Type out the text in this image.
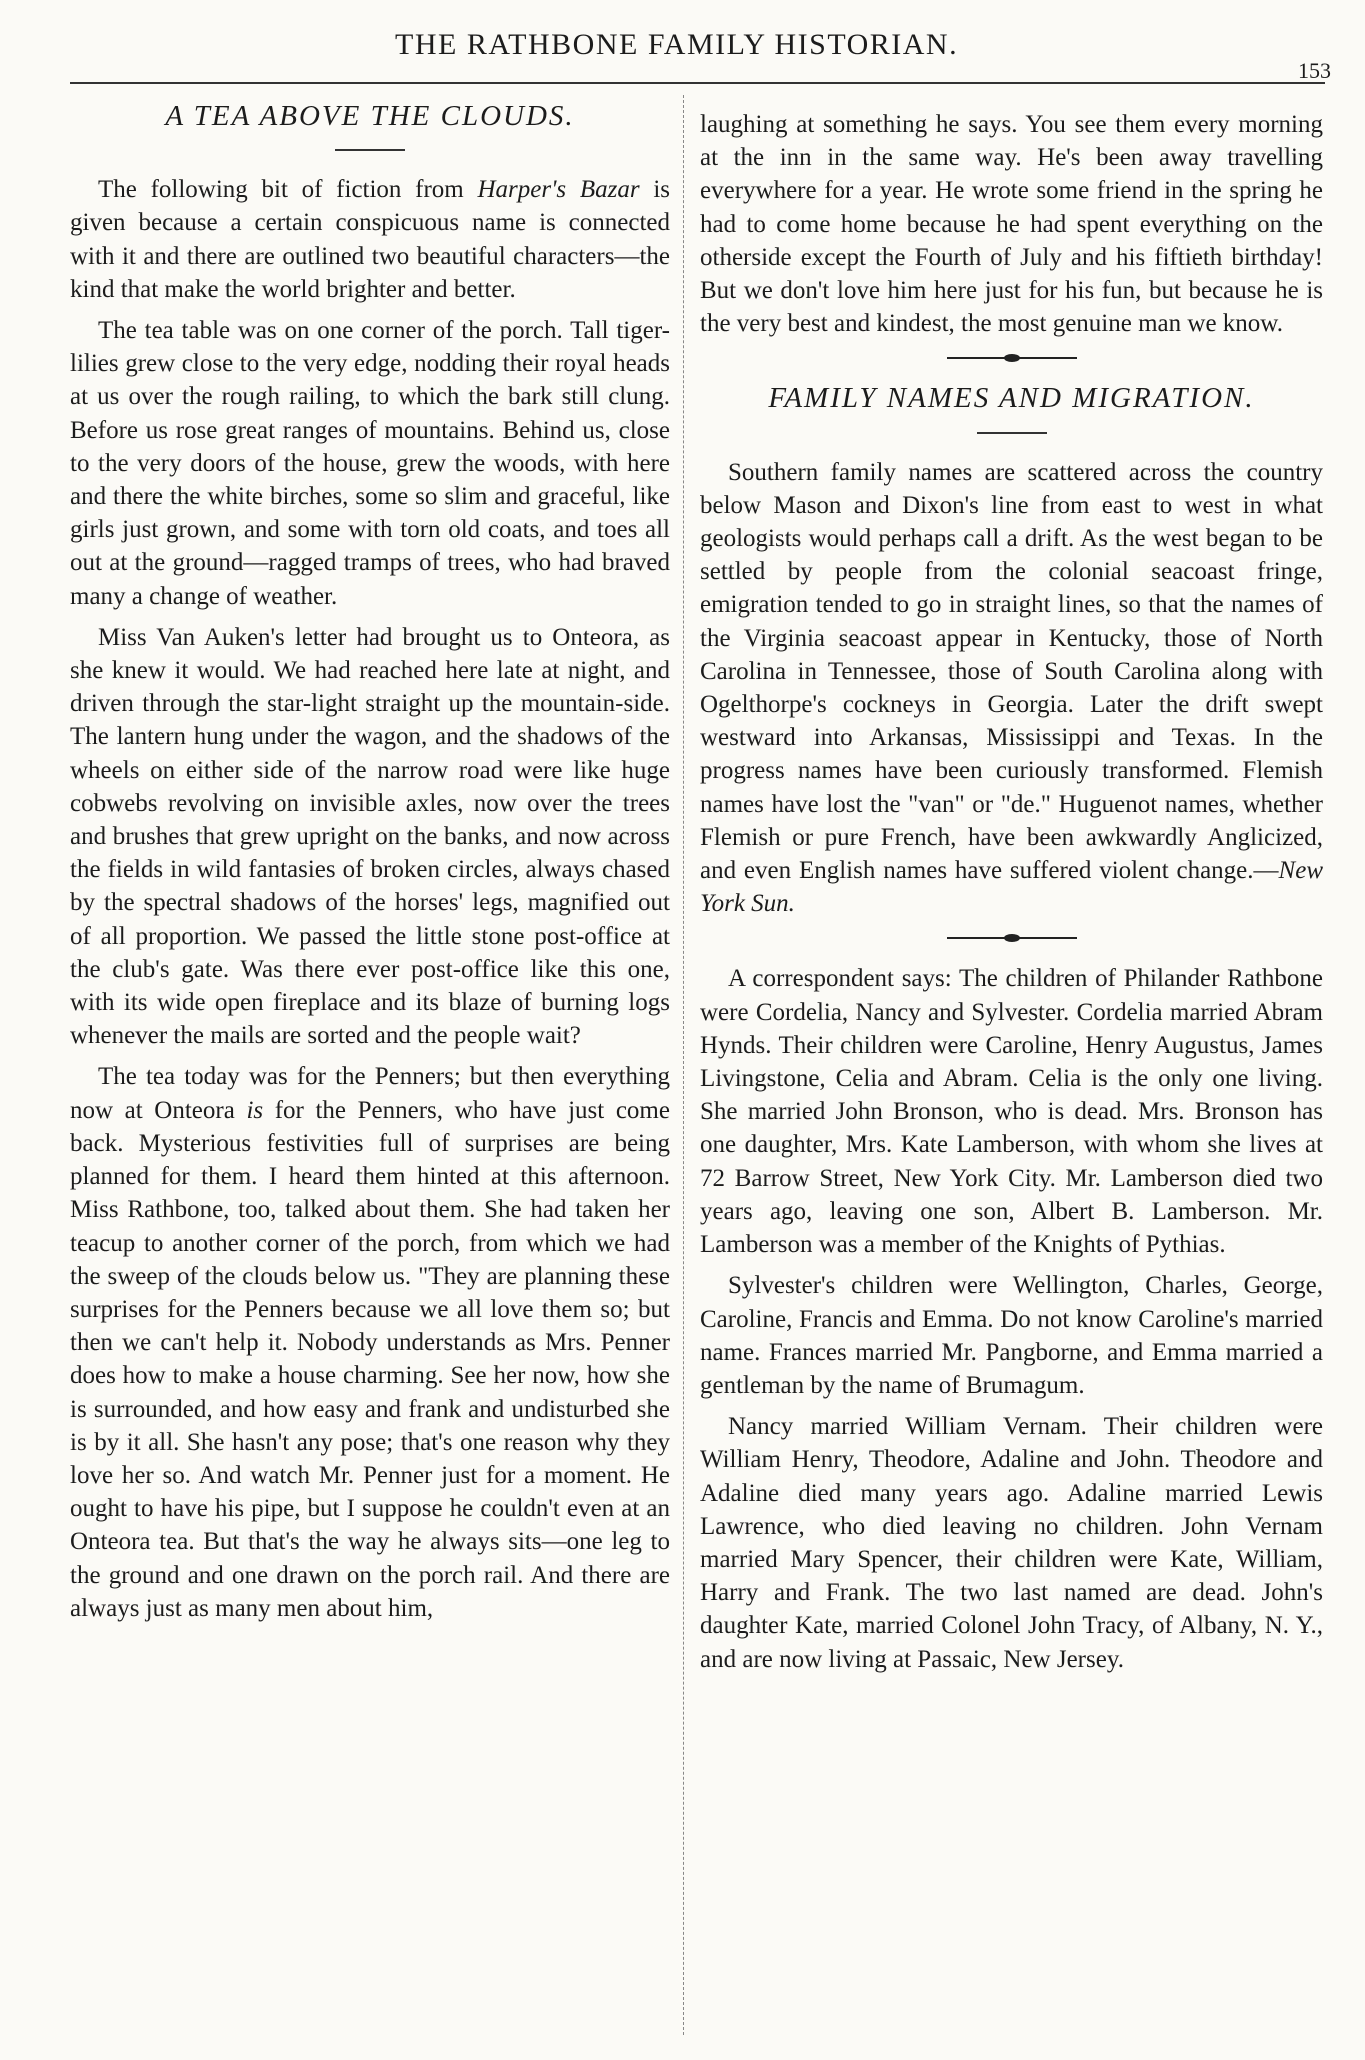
THE RATHBONE FAMILY HISTORIAN.
153
A TEA ABOVE THE CLOUDS.

The following bit of fiction from Harper's Bazar is given because a certain conspicuous name is connected with it and there are outlined two beautiful characters—the kind that make the world brighter and better.

The tea table was on one corner of the porch. Tall tiger-lilies grew close to the very edge, nodding their royal heads at us over the rough railing, to which the bark still clung. Before us rose great ranges of mountains. Behind us, close to the very doors of the house, grew the woods, with here and there the white birches, some so slim and graceful, like girls just grown, and some with torn old coats, and toes all out at the ground—ragged tramps of trees, who had braved many a change of weather.

Miss Van Auken's letter had brought us to Onteora, as she knew it would. We had reached here late at night, and driven through the star-light straight up the mountain-side. The lantern hung under the wagon, and the shadows of the wheels on either side of the narrow road were like huge cobwebs revolving on invisible axles, now over the trees and brushes that grew upright on the banks, and now across the fields in wild fantasies of broken circles, always chased by the spectral shadows of the horses' legs, magnified out of all proportion. We passed the little stone post-office at the club's gate. Was there ever post-office like this one, with its wide open fireplace and its blaze of burning logs whenever the mails are sorted and the people wait?

The tea today was for the Penners; but then everything now at Onteora is for the Penners, who have just come back. Mysterious festivities full of surprises are being planned for them. I heard them hinted at this afternoon. Miss Rathbone, too, talked about them. She had taken her teacup to another corner of the porch, from which we had the sweep of the clouds below us. "They are planning these surprises for the Penners because we all love them so; but then we can't help it. Nobody understands as Mrs. Penner does how to make a house charming. See her now, how she is surrounded, and how easy and frank and undisturbed she is by it all. She hasn't any pose; that's one reason why they love her so. And watch Mr. Penner just for a moment. He ought to have his pipe, but I suppose he couldn't even at an Onteora tea. But that's the way he always sits—one leg to the ground and one drawn on the porch rail. And there are always just as many men about him,

laughing at something he says. You see them every morning at the inn in the same way. He's been away travelling everywhere for a year. He wrote some friend in the spring he had to come home because he had spent everything on the otherside except the Fourth of July and his fiftieth birthday! But we don't love him here just for his fun, but because he is the very best and kindest, the most genuine man we know.

FAMILY NAMES AND MIGRATION.

Southern family names are scattered across the country below Mason and Dixon's line from east to west in what geologists would perhaps call a drift. As the west began to be settled by people from the colonial seacoast fringe, emigration tended to go in straight lines, so that the names of the Virginia seacoast appear in Kentucky, those of North Carolina in Tennessee, those of South Carolina along with Ogelthorpe's cockneys in Georgia. Later the drift swept westward into Arkansas, Mississippi and Texas. In the progress names have been curiously transformed. Flemish names have lost the "van" or "de." Huguenot names, whether Flemish or pure French, have been awkwardly Anglicized, and even English names have suffered violent change.—New York Sun.

A correspondent says: The children of Philander Rathbone were Cordelia, Nancy and Sylvester. Cordelia married Abram Hynds. Their children were Caroline, Henry Augustus, James Livingstone, Celia and Abram. Celia is the only one living. She married John Bronson, who is dead. Mrs. Bronson has one daughter, Mrs. Kate Lamberson, with whom she lives at 72 Barrow Street, New York City. Mr. Lamberson died two years ago, leaving one son, Albert B. Lamberson. Mr. Lamberson was a member of the Knights of Pythias.

Sylvester's children were Wellington, Charles, George, Caroline, Francis and Emma. Do not know Caroline's married name. Frances married Mr. Pangborne, and Emma married a gentleman by the name of Brumagum.

Nancy married William Vernam. Their children were William Henry, Theodore, Adaline and John. Theodore and Adaline died many years ago. Adaline married Lewis Lawrence, who died leaving no children. John Vernam married Mary Spencer, their children were Kate, William, Harry and Frank. The two last named are dead. John's daughter Kate, married Colonel John Tracy, of Albany, N. Y., and are now living at Passaic, New Jersey.
